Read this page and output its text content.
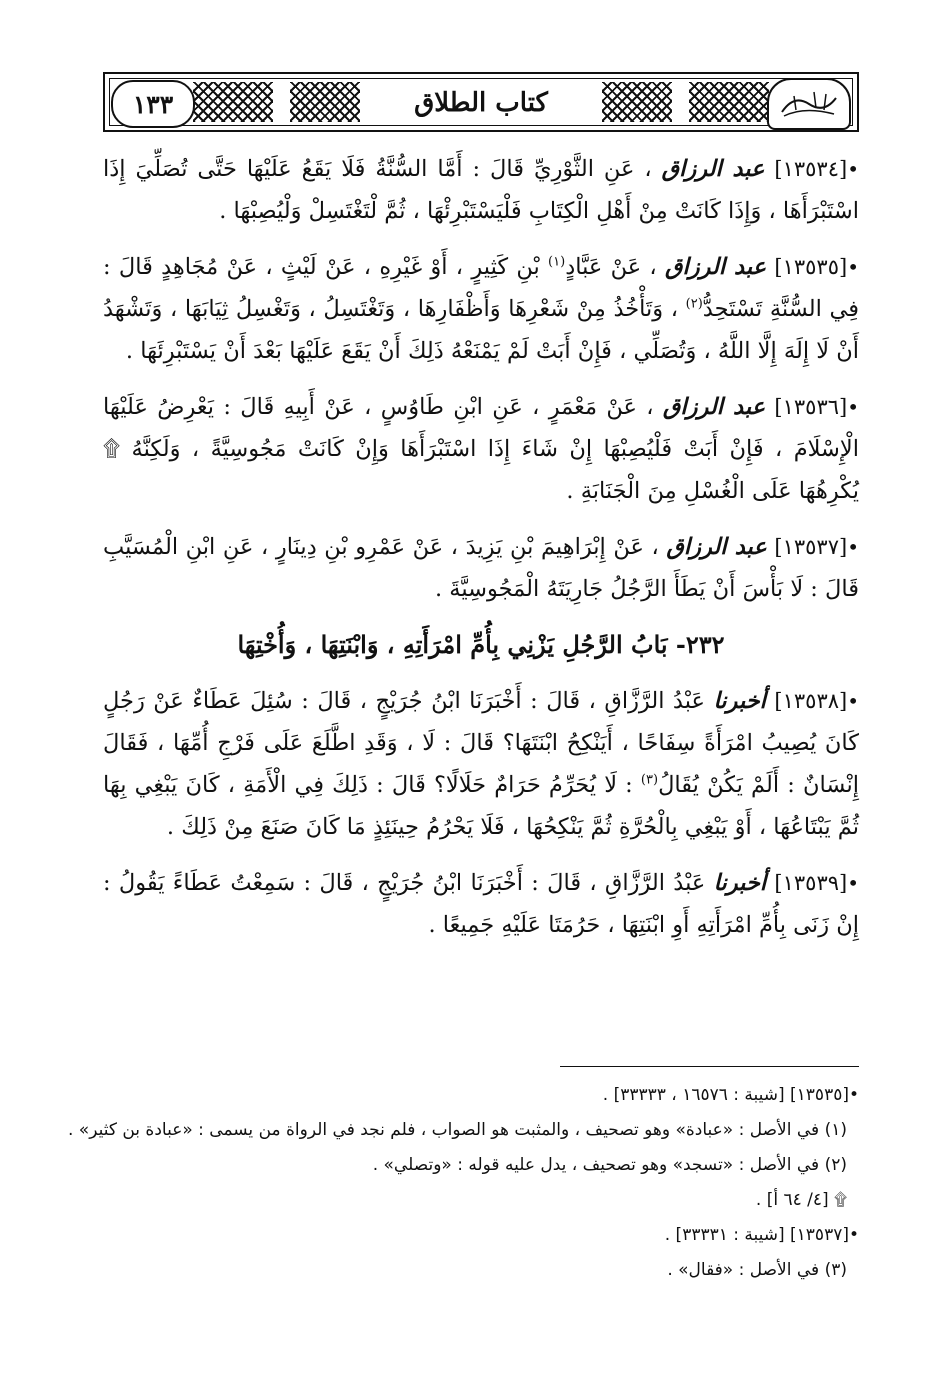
١٣٣	كتاب الطلاق

•[١٣٥٣٤] عبد الرزاق ، عَنِ الثَّوْرِيِّ قَالَ : أَمَّا السُّنَّةُ فَلَا يَقَعُ عَلَيْهَا حَتَّى تُصَلِّيَ إِذَا اسْتَبْرَأَهَا ، وَإِذَا كَانَتْ مِنْ أَهْلِ الْكِتَابِ فَلْيَسْتَبْرِئْهَا ، ثُمَّ لْتَغْتَسِلْ وَلْيُصِبْهَا .

•[١٣٥٣٥] عبد الرزاق ، عَنْ عَبَّادٍ$^{(١)}$ بْنِ كَثِيرٍ ، أَوْ غَيْرِهِ ، عَنْ لَيْثٍ ، عَنْ مُجَاهِدٍ قَالَ : فِي السُّنَّةِ تَسْتَحِدُّ$^{(٢)}$ ، وَتَأْخُذُ مِنْ شَعْرِهَا وَأَظْفَارِهَا ، وَتَغْتَسِلُ ، وَتَغْسِلُ ثِيَابَهَا ، وَتَشْهَدُ أَنْ لَا إِلَهَ إِلَّا اللَّهُ ، وَتُصَلِّي ، فَإِنْ أَبَتْ لَمْ يَمْنَعْهُ ذَلِكَ أَنْ يَقَعَ عَلَيْهَا بَعْدَ أَنْ يَسْتَبْرِئَهَا .

•[١٣٥٣٦] عبد الرزاق ، عَنْ مَعْمَرٍ ، عَنِ ابْنِ طَاوُسٍ ، عَنْ أَبِيهِ قَالَ : يَعْرِضُ عَلَيْهَا الْإِسْلَامَ ، فَإِنْ أَبَتْ فَلْيُصِبْهَا إِنْ شَاءَ إِذَا اسْتَبْرَأَهَا وَإِنْ كَانَتْ مَجُوسِيَّةً ، وَلَكِنَّهُ ۩ يُكْرِهُهَا عَلَى الْغُسْلِ مِنَ الْجَنَابَةِ .

•[١٣٥٣٧] عبد الرزاق ، عَنْ إِبْرَاهِيمَ بْنِ يَزِيدَ ، عَنْ عَمْرِو بْنِ دِينَارٍ ، عَنِ ابْنِ الْمُسَيَّبِ قَالَ : لَا بَأْسَ أَنْ يَطَأَ الرَّجُلُ جَارِيَتَهُ الْمَجُوسِيَّةَ .

٢٣٢- بَابُ الرَّجُلِ يَزْنِي بِأُمِّ امْرَأَتِهِ ، وَابْنَتِهَا ، وَأُخْتِهَا

•[١٣٥٣٨] أخبرنا عَبْدُ الرَّزَّاقِ ، قَالَ : أَخْبَرَنَا ابْنُ جُرَيْجٍ ، قَالَ : سُئِلَ عَطَاءٌ عَنْ رَجُلٍ كَانَ يُصِيبُ امْرَأَةً سِفَاحًا ، أَيَنْكِحُ ابْنَتَهَا؟ قَالَ : لَا ، وَقَدِ اطَّلَعَ عَلَى فَرْجِ أُمِّهَا ، فَقَالَ إِنْسَانٌ : أَلَمْ يَكُنْ يُقَالُ$^{(٣)}$ : لَا يُحَرِّمُ حَرَامٌ حَلَالًا؟ قَالَ : ذَلِكَ فِي الْأَمَةِ ، كَانَ يَبْغِي بِهَا ثُمَّ يَبْتَاعُهَا ، أَوْ يَبْغِي بِالْحُرَّةِ ثُمَّ يَنْكِحُهَا ، فَلَا يَحْرُمُ حِينَئِذٍ مَا كَانَ صَنَعَ مِنْ ذَلِكَ .

•[١٣٥٣٩] أخبرنا عَبْدُ الرَّزَّاقِ ، قَالَ : أَخْبَرَنَا ابْنُ جُرَيْجٍ ، قَالَ : سَمِعْتُ عَطَاءً يَقُولُ : إِنْ زَنَى بِأُمِّ امْرَأَتِهِ أَوِ ابْنَتِهَا ، حَرُمَتَا عَلَيْهِ جَمِيعًا .

•[١٣٥٣٥] [شيبة : ١٦٥٧٦ ، ٣٣٣٣٣] .
(١) في الأصل : «عبادة» وهو تصحيف ، والمثبت هو الصواب ، فلم نجد في الرواة من يسمى : «عبادة بن كثير» .
(٢) في الأصل : «تسجد» وهو تصحيف ، يدل عليه قوله : «وتصلي» .
۩ [٤/ ٦٤ أ] .
•[١٣٥٣٧] [شيبة : ٣٣٣٣١] .
(٣) في الأصل : «فقال» .
